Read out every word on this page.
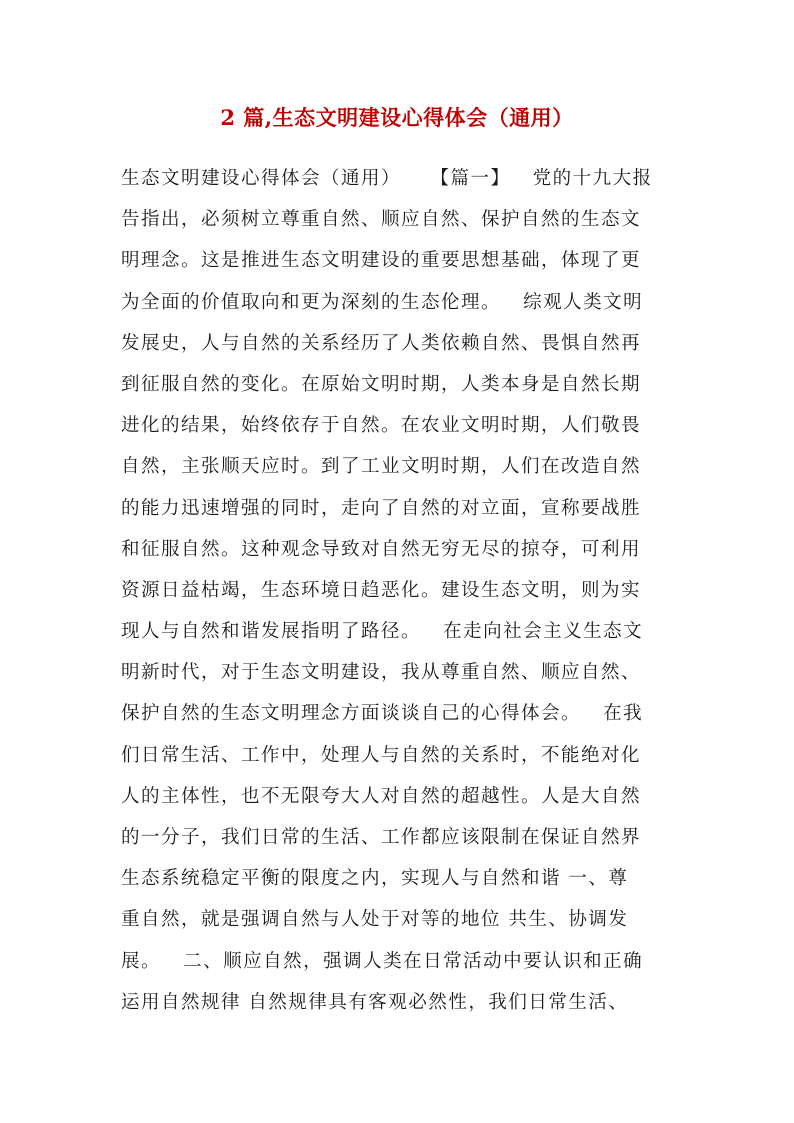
2 篇,生态文明建设心得体会（通用）
生态文明建设心得体会（通用）    【篇一】   党的十九大报
告指出，必须树立尊重自然、顺应自然、保护自然的生态文
明理念。这是推进生态文明建设的重要思想基础，体现了更
为全面的价值取向和更为深刻的生态伦理。   综观人类文明
发展史，人与自然的关系经历了人类依赖自然、畏惧自然再
到征服自然的变化。在原始文明时期，人类本身是自然长期
进化的结果，始终依存于自然。在农业文明时期，人们敬畏
自然，主张顺天应时。到了工业文明时期，人们在改造自然
的能力迅速增强的同时，走向了自然的对立面，宣称要战胜
和征服自然。这种观念导致对自然无穷无尽的掠夺，可利用
资源日益枯竭，生态环境日趋恶化。建设生态文明，则为实
现人与自然和谐发展指明了路径。   在走向社会主义生态文
明新时代，对于生态文明建设，我从尊重自然、顺应自然、
保护自然的生态文明理念方面谈谈自己的心得体会。   在我
们日常生活、工作中，处理人与自然的关系时，不能绝对化
人的主体性，也不无限夸大人对自然的超越性。人是大自然
的一分子，我们日常的生活、工作都应该限制在保证自然界
生态系统稳定平衡的限度之内，实现人与自然和谐 一、尊
重自然，就是强调自然与人处于对等的地位 共生、协调发
展。   二、顺应自然，强调人类在日常活动中要认识和正确
运用自然规律 自然规律具有客观必然性，我们日常生活、
